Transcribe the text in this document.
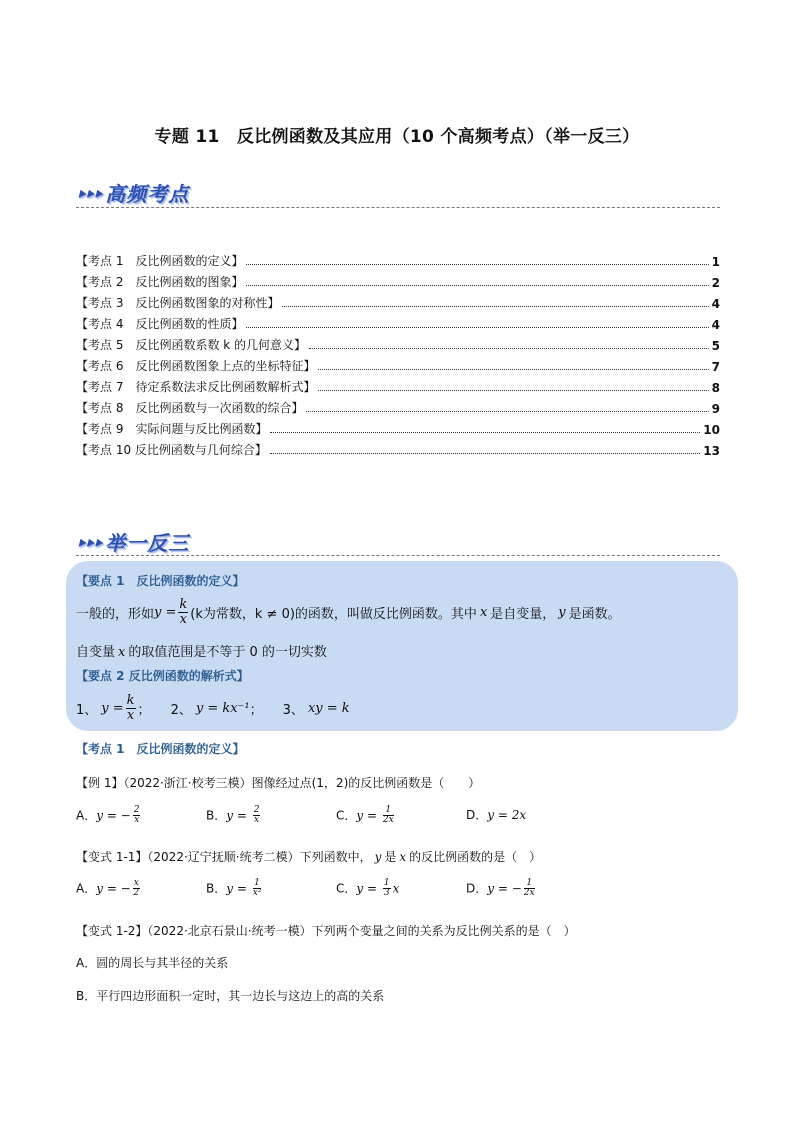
专题 11　反比例函数及其应用（10 个高频考点）（举一反三）
⯈⯈⯈ 高频考点
【考点 1　反比例函数的定义】	1
【考点 2　反比例函数的图象】	2
【考点 3　反比例函数图象的对称性】	4
【考点 4　反比例函数的性质】	4
【考点 5　反比例函数系数 k 的几何意义】	5
【考点 6　反比例函数图象上点的坐标特征】	7
【考点 7　待定系数法求反比例函数解析式】	8
【考点 8　反比例函数与一次函数的综合】	9
【考点 9　实际问题与反比例函数】	10
【考点 10 反比例函数与几何综合】	13
⯈⯈⯈ 举一反三
【要点 1　反比例函数的定义】
一般的，形如 $y = \frac{k}{x} (k$为常数，k ≠ 0) 的函数，叫做反比例函数。其中 x 是自变量， y 是函数。
自变量 x 的取值范围是不等于 0 的一切实数
【要点 2 反比例函数的解析式】
1、 $y = \frac{k}{x}$ ； 2、 y = kx⁻¹ ； 3、 xy = k
【考点 1　反比例函数的定义】
【例 1】（2022·浙江·校考三模）图像经过点(1，2)的反比例函数是（　　）
A．y = − $\frac{2}{x}$	B．$y = \frac{2}{x}$	C．$y = \frac{1}{2x}$	D．y = 2x
【变式 1-1】（2022·辽宁抚顺·统考二模）下列函数中， y 是 x 的反比例函数的是（　）
A．y = − $\frac{x}{2}$	B．$y = \frac{1}{\text{x²}}$	C．$y = \frac{1}{3}$ x	D．y = − $\frac{1}{2x}$
【变式 1-2】（2022·北京石景山·统考一模）下列两个变量之间的关系为反比例关系的是（　）
A．圆的周长与其半径的关系
B．平行四边形面积一定时，其一边长与这边上的高的关系
